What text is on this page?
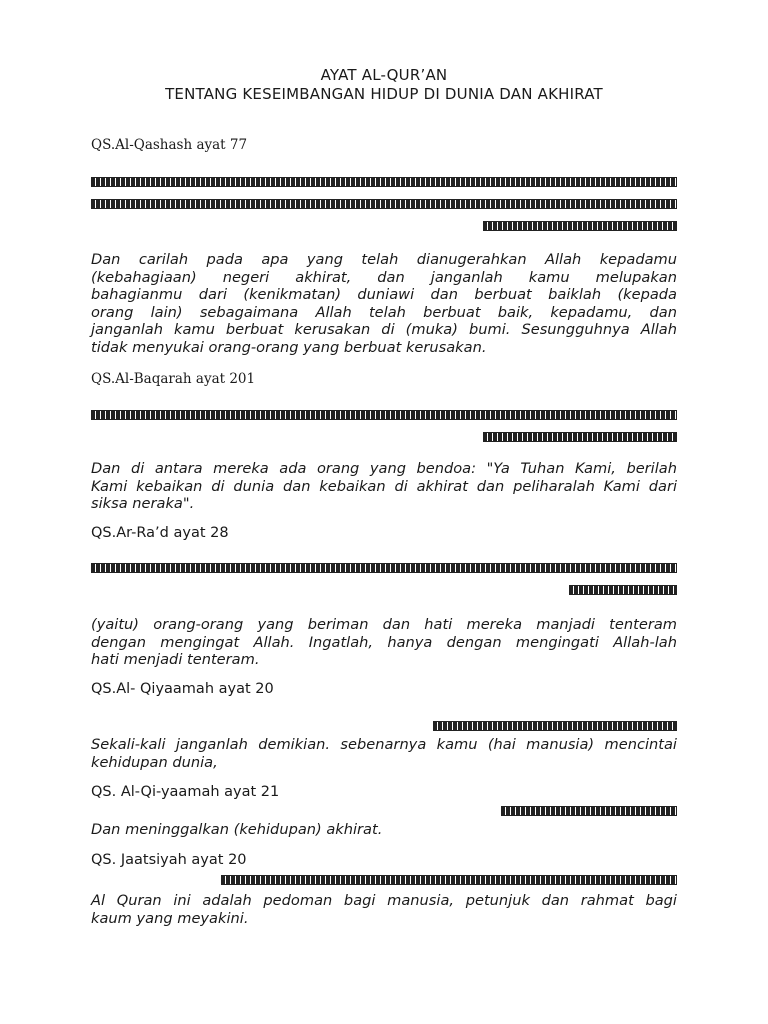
AYAT AL-QUR’AN
TENTANG KESEIMBANGAN HIDUP DI DUNIA DAN AKHIRAT
QS.Al-Qashash ayat 77
Dan carilah pada apa yang telah dianugerahkan Allah kepadamu
(kebahagiaan) negeri akhirat, dan janganlah kamu melupakan
bahagianmu dari (kenikmatan) duniawi dan berbuat baiklah (kepada
orang lain) sebagaimana Allah telah berbuat baik, kepadamu, dan
janganlah kamu berbuat kerusakan di (muka) bumi. Sesungguhnya Allah
tidak menyukai orang-orang yang berbuat kerusakan.
QS.Al-Baqarah ayat 201
Dan di antara mereka ada orang yang bendoa: "Ya Tuhan Kami, berilah
Kami kebaikan di dunia dan kebaikan di akhirat dan peliharalah Kami dari
siksa neraka".
QS.Ar-Ra’d ayat 28
(yaitu) orang-orang yang beriman dan hati mereka manjadi tenteram
dengan mengingat Allah. Ingatlah, hanya dengan mengingati Allah-lah
hati menjadi tenteram.
QS.Al- Qiyaamah ayat 20
Sekali-kali janganlah demikian. sebenarnya kamu (hai manusia) mencintai
kehidupan dunia,
QS. Al-Qi-yaamah ayat 21
Dan meninggalkan (kehidupan) akhirat.
QS. Jaatsiyah ayat 20
Al Quran ini adalah pedoman bagi manusia, petunjuk dan rahmat bagi
kaum yang meyakini.
